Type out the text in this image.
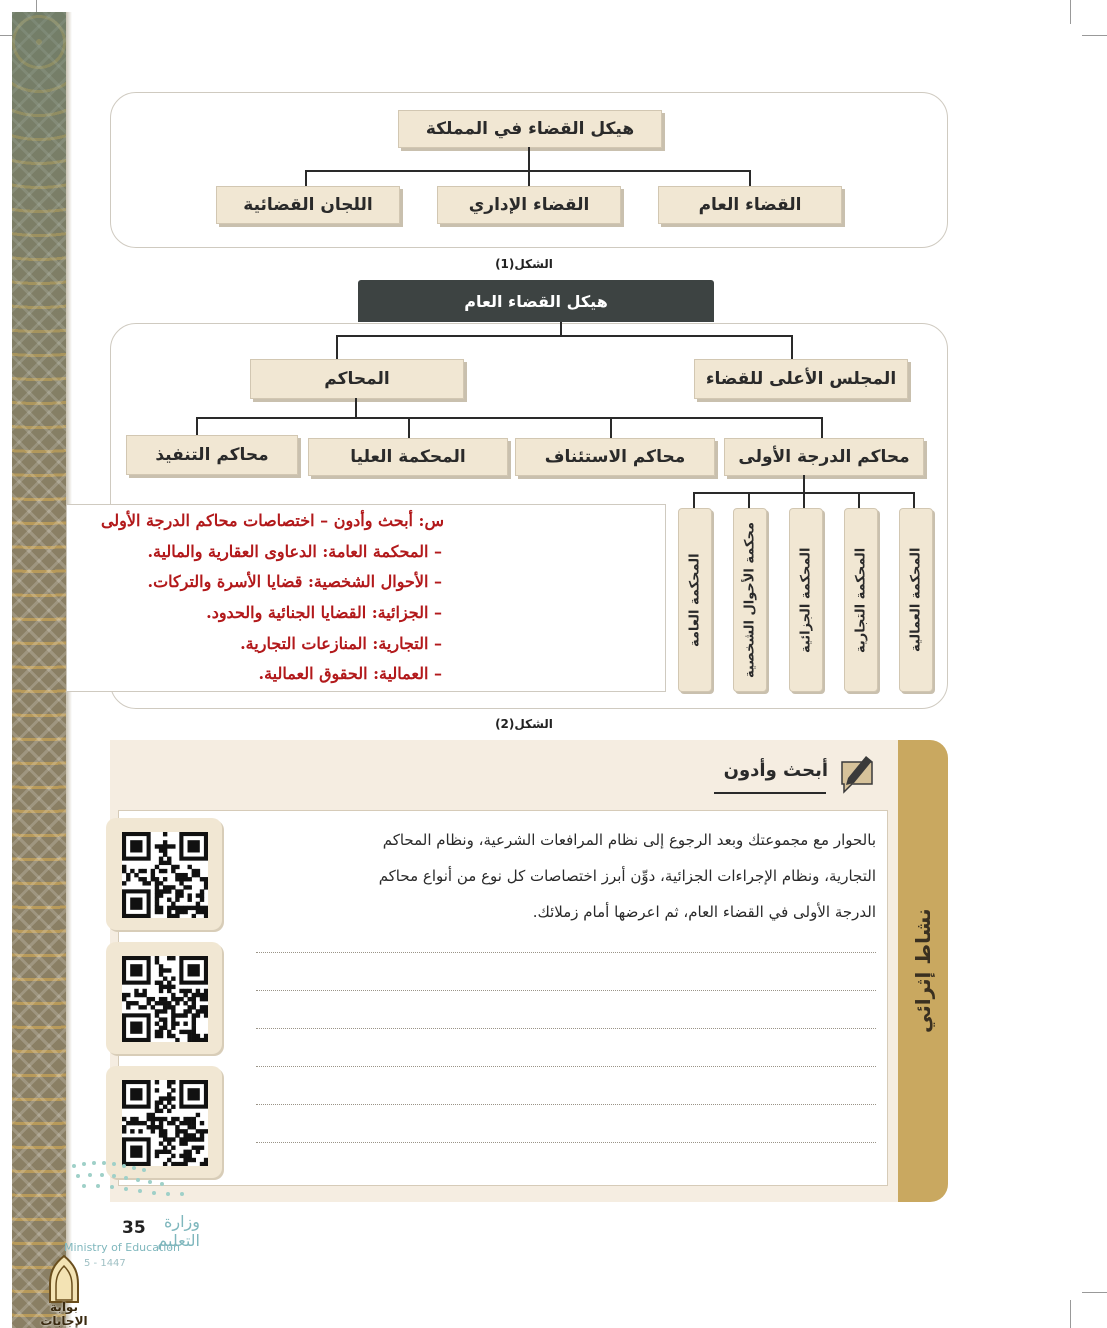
هيكل القضاء في المملكة
القضاء العام
القضاء الإداري
اللجان القضائية
الشكل(1)
هيكل القضاء العام
المجلس الأعلى للقضاء
المحاكم
محاكم الدرجة الأولى
محاكم الاستئناف
المحكمة العليا
محاكم التنفيذ
المحكمة العمالية
المحكمة التجارية
المحكمة الجزائية
محكمة الأحوال الشخصية
المحكمة العامة
س: أبحث وأدون – اختصاصات محاكم الدرجة الأولى
– المحكمة العامة: الدعاوى العقارية والمالية.
– الأحوال الشخصية: قضايا الأسرة والتركات.
– الجزائية: القضايا الجنائية والحدود.
– التجارية: المنازعات التجارية.
– العمالية: الحقوق العمالية.
الشكل(2)
نشاط إثرائي
أبحث وأدون
بالحوار مع مجموعتك وبعد الرجوع إلى نظام المرافعات الشرعية، ونظام المحاكم
التجارية، ونظام الإجراءات الجزائية، دوِّن أبرز اختصاصات كل نوع من أنواع محاكم
الدرجة الأولى في القضاء العام، ثم اعرضها أمام زملائك.
وزارة التعليم
35
Ministry of Education
5 - 1447
بوابة الإجابات
